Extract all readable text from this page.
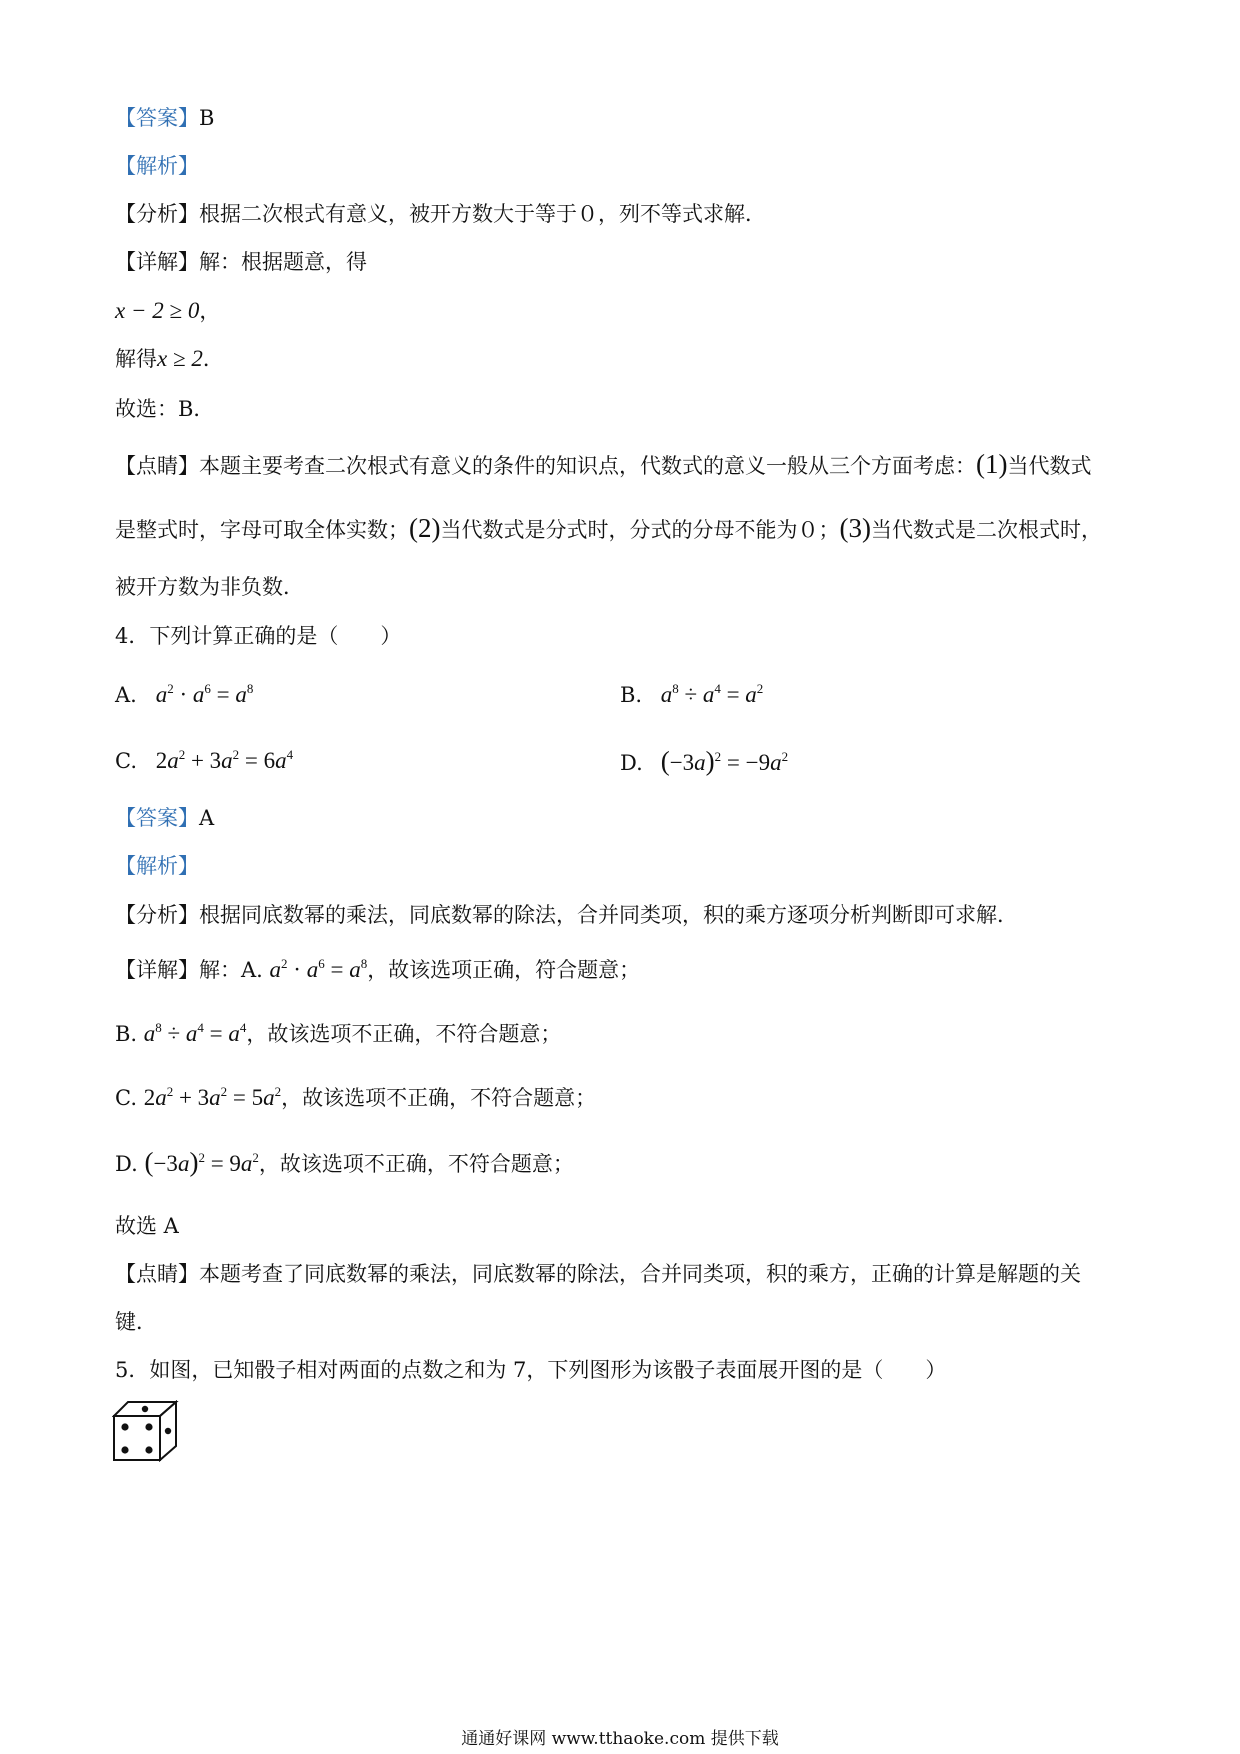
【答案】B
【解析】
【分析】根据二次根式有意义，被开方数大于等于０，列不等式求解．
【详解】解：根据题意，得
x − 2 ≥ 0，
解得x ≥ 2．
故选：B．
【点睛】本题主要考查二次根式有意义的条件的知识点，代数式的意义一般从三个方面考虑：(1)当代数式
是整式时，字母可取全体实数；(2)当代数式是分式时，分式的分母不能为０；(3)当代数式是二次根式时，
被开方数为非负数．
4．下列计算正确的是（　　）
A. $a^2 \cdot a^6 = a^8$	B. $a^8 \div a^4 = a^2$
C. $2a^2 + 3a^2 = 6a^4$	D. $(-3a)^2 = -9a^2$
【答案】A
【解析】
【分析】根据同底数幂的乘法，同底数幂的除法，合并同类项，积的乘方逐项分析判断即可求解．
【详解】解：A. $a^2 \cdot a^6 = a^8$，故该选项正确，符合题意；
B. $a^8 \div a^4 = a^4$，故该选项不正确，不符合题意；
C. $2a^2 + 3a^2 = 5a^2$，故该选项不正确，不符合题意；
D. $(-3a)^2 = 9a^2$，故该选项不正确，不符合题意；
故选 A
【点睛】本题考查了同底数幂的乘法，同底数幂的除法，合并同类项，积的乘方，正确的计算是解题的关
键．
5．如图，已知骰子相对两面的点数之和为 7，下列图形为该骰子表面展开图的是（　　）
通通好课网 www.tthaoke.com 提供下载
